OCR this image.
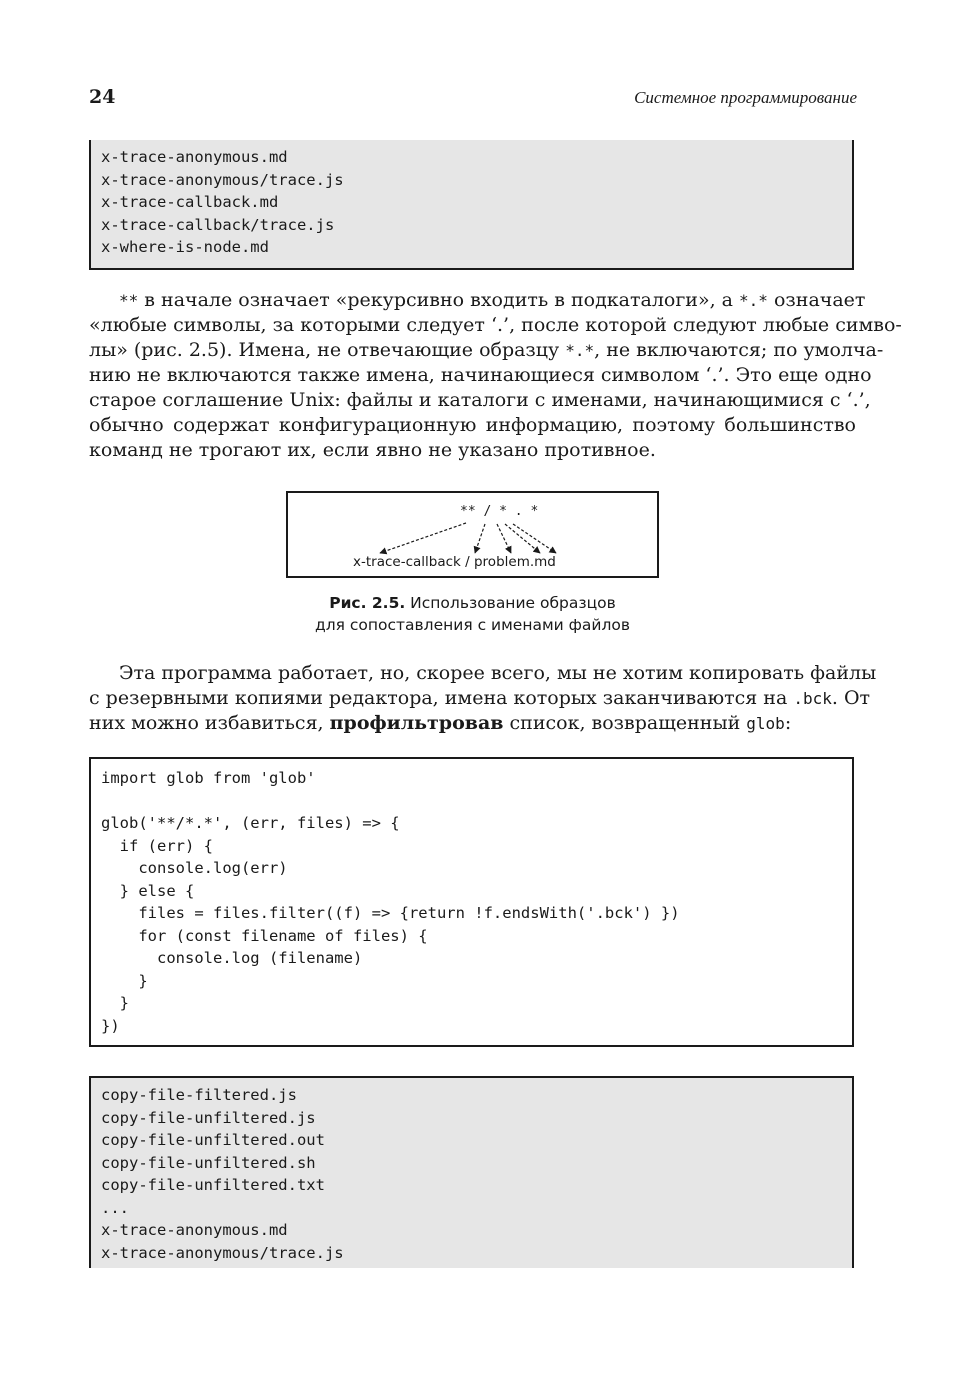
24	Системное программирование
x-trace-anonymous.md
x-trace-anonymous/trace.js
x-trace-callback.md
x-trace-callback/trace.js
x-where-is-node.md
** в начале означает «рекурсивно входить в подкаталоги», а *.* означает
«любые символы, за которыми следует ‘.’, после которой следуют любые симво-
лы» (рис. 2.5). Имена, не отвечающие образцу *.*, не включаются; по умолча-
нию не включаются также имена, начинающиеся символом ‘.’. Это еще одно
старое соглашение Unix: файлы и каталоги с именами, начинающимися с ‘.’,
обычно содержат конфигурационную информацию, поэтому большинство
команд не трогают их, если явно не указано противное.
** / * . *
x-trace-callback / problem.md
Рис. 2.5. Использование образцов
для сопоставления с именами файлов
Эта программа работает, но, скорее всего, мы не хотим копировать файлы
с резервными копиями редактора, имена которых заканчиваются на .bck. От
них можно избавиться, профильтровав список, возвращенный glob:
import glob from 'glob'
glob('**/*.*', (err, files) => {
if (err) {
console.log(err)
} else {
files = files.filter((f) => {return !f.endsWith('.bck') })
for (const filename of files) {
console.log (filename)
}
}
})
copy-file-filtered.js
copy-file-unfiltered.js
copy-file-unfiltered.out
copy-file-unfiltered.sh
copy-file-unfiltered.txt
...
x-trace-anonymous.md
x-trace-anonymous/trace.js
